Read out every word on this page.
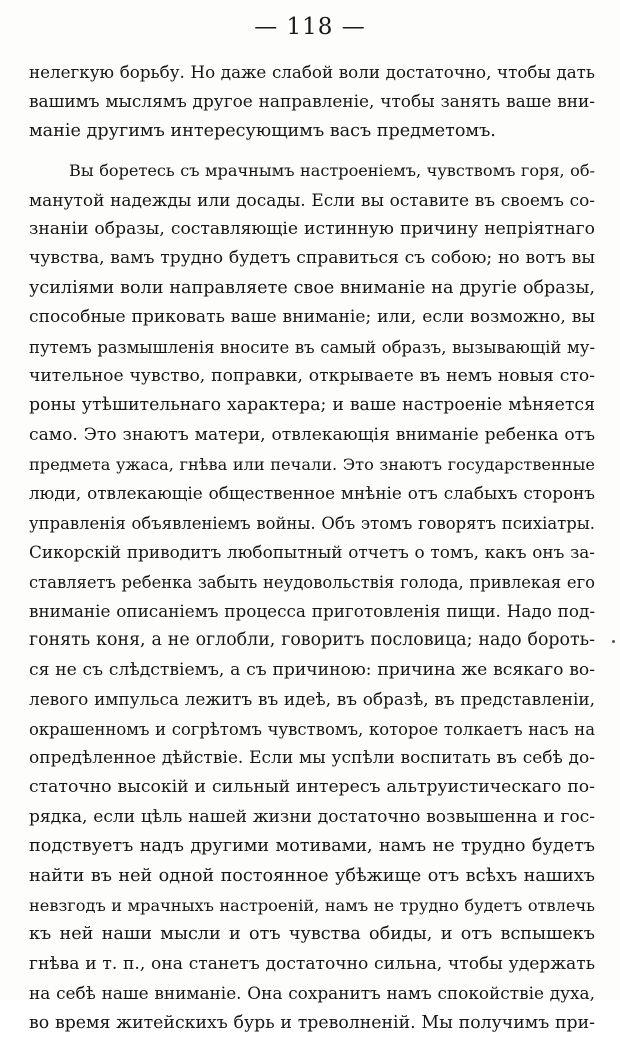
— 118 —
нелегкую борьбу. Но даже слабой воли достаточно, чтобы дать
вашимъ мыслямъ другое направленіе, чтобы занять ваше вни-
маніе другимъ интересующимъ васъ предметомъ.
Вы боретесь съ мрачнымъ настроеніемъ, чувствомъ горя, об-
манутой надежды или досады. Если вы оставите въ своемъ со-
знаніи образы, составляющіе истинную причину непріятнаго
чувства, вамъ трудно будетъ справиться съ собою; но вотъ вы
усиліями воли направляете свое вниманіе на другіе образы,
способные приковать ваше вниманіе; или, если возможно, вы
путемъ размышленія вносите въ самый образъ, вызывающій му-
чительное чувство, поправки, открываете въ немъ новыя сто-
роны утѣшительнаго характера; и ваше настроеніе мѣняется
само. Это знаютъ матери, отвлекающія вниманіе ребенка отъ
предмета ужаса, гнѣва или печали. Это знаютъ государственные
люди, отвлекающіе общественное мнѣніе отъ слабыхъ сторонъ
управленія объявленіемъ войны. Объ этомъ говорятъ психіатры.
Сикорскій приводитъ любопытный отчетъ о томъ, какъ онъ за-
ставляетъ ребенка забыть неудовольствія голода, привлекая его
вниманіе описаніемъ процесса приготовленія пищи. Надо под-
гонять коня, а не оглобли, говоритъ пословица; надо бороть-
ся не съ слѣдствіемъ, а съ причиною: причина же всякаго во-
левого импульса лежитъ въ идеѣ, въ образѣ, въ представленіи,
окрашенномъ и согрѣтомъ чувствомъ, которое толкаетъ насъ на
опредѣленное дѣйствіе. Если мы успѣли воспитать въ себѣ до-
статочно высокій и сильный интересъ альтруистическаго по-
рядка, если цѣль нашей жизни достаточно возвышенна и гос-
подствуетъ надъ другими мотивами, намъ не трудно будетъ
найти въ ней одной постоянное убѣжище отъ всѣхъ нашихъ
невзгодъ и мрачныхъ настроеній, намъ не трудно будетъ отвлечь
къ ней наши мысли и отъ чувства обиды, и отъ вспышекъ
гнѣва и т. п., она станетъ достаточно сильна, чтобы удержать
на себѣ наше вниманіе. Она сохранитъ намъ спокойствіе духа,
во время житейскихъ бурь и треволненій. Мы получимъ при-
